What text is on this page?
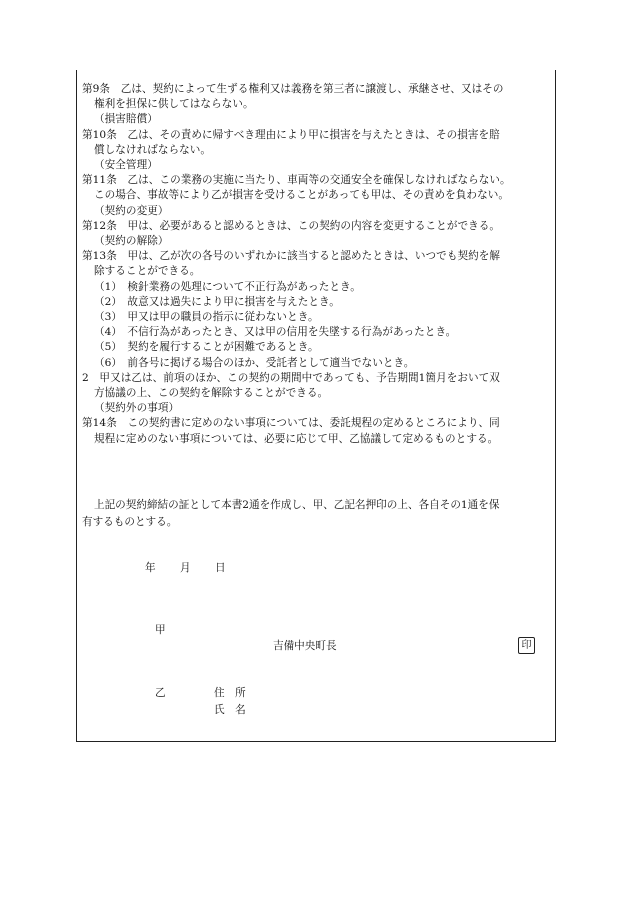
第9条　乙は、契約によって生ずる権利又は義務を第三者に譲渡し、承継させ、又はその
権利を担保に供してはならない。
（損害賠償）
第10条　乙は、その責めに帰すべき理由により甲に損害を与えたときは、その損害を賠
償しなければならない。
（安全管理）
第11条　乙は、この業務の実施に当たり、車両等の交通安全を確保しなければならない。
この場合、事故等により乙が損害を受けることがあっても甲は、その責めを負わない。
（契約の変更）
第12条　甲は、必要があると認めるときは、この契約の内容を変更することができる。
（契約の解除）
第13条　甲は、乙が次の各号のいずれかに該当すると認めたときは、いつでも契約を解
除することができる。
（1）　検針業務の処理について不正行為があったとき。
（2）　故意又は過失により甲に損害を与えたとき。
（3）　甲又は甲の職員の指示に従わないとき。
（4）　不信行為があったとき、又は甲の信用を失墜する行為があったとき。
（5）　契約を履行することが困難であるとき。
（6）　前各号に掲げる場合のほか、受託者として適当でないとき。
2　甲又は乙は、前項のほか、この契約の期間中であっても、予告期間1箇月をおいて双
方協議の上、この契約を解除することができる。
（契約外の事項）
第14条　この契約書に定めのない事項については、委託規程の定めるところにより、同
規程に定めのない事項については、必要に応じて甲、乙協議して定めるものとする。
上記の契約締結の証として本書2通を作成し、甲、乙記名押印の上、各自その1通を保
有するものとする。
年 月 日
甲
吉備中央町長	印
乙	住　所
氏　名
